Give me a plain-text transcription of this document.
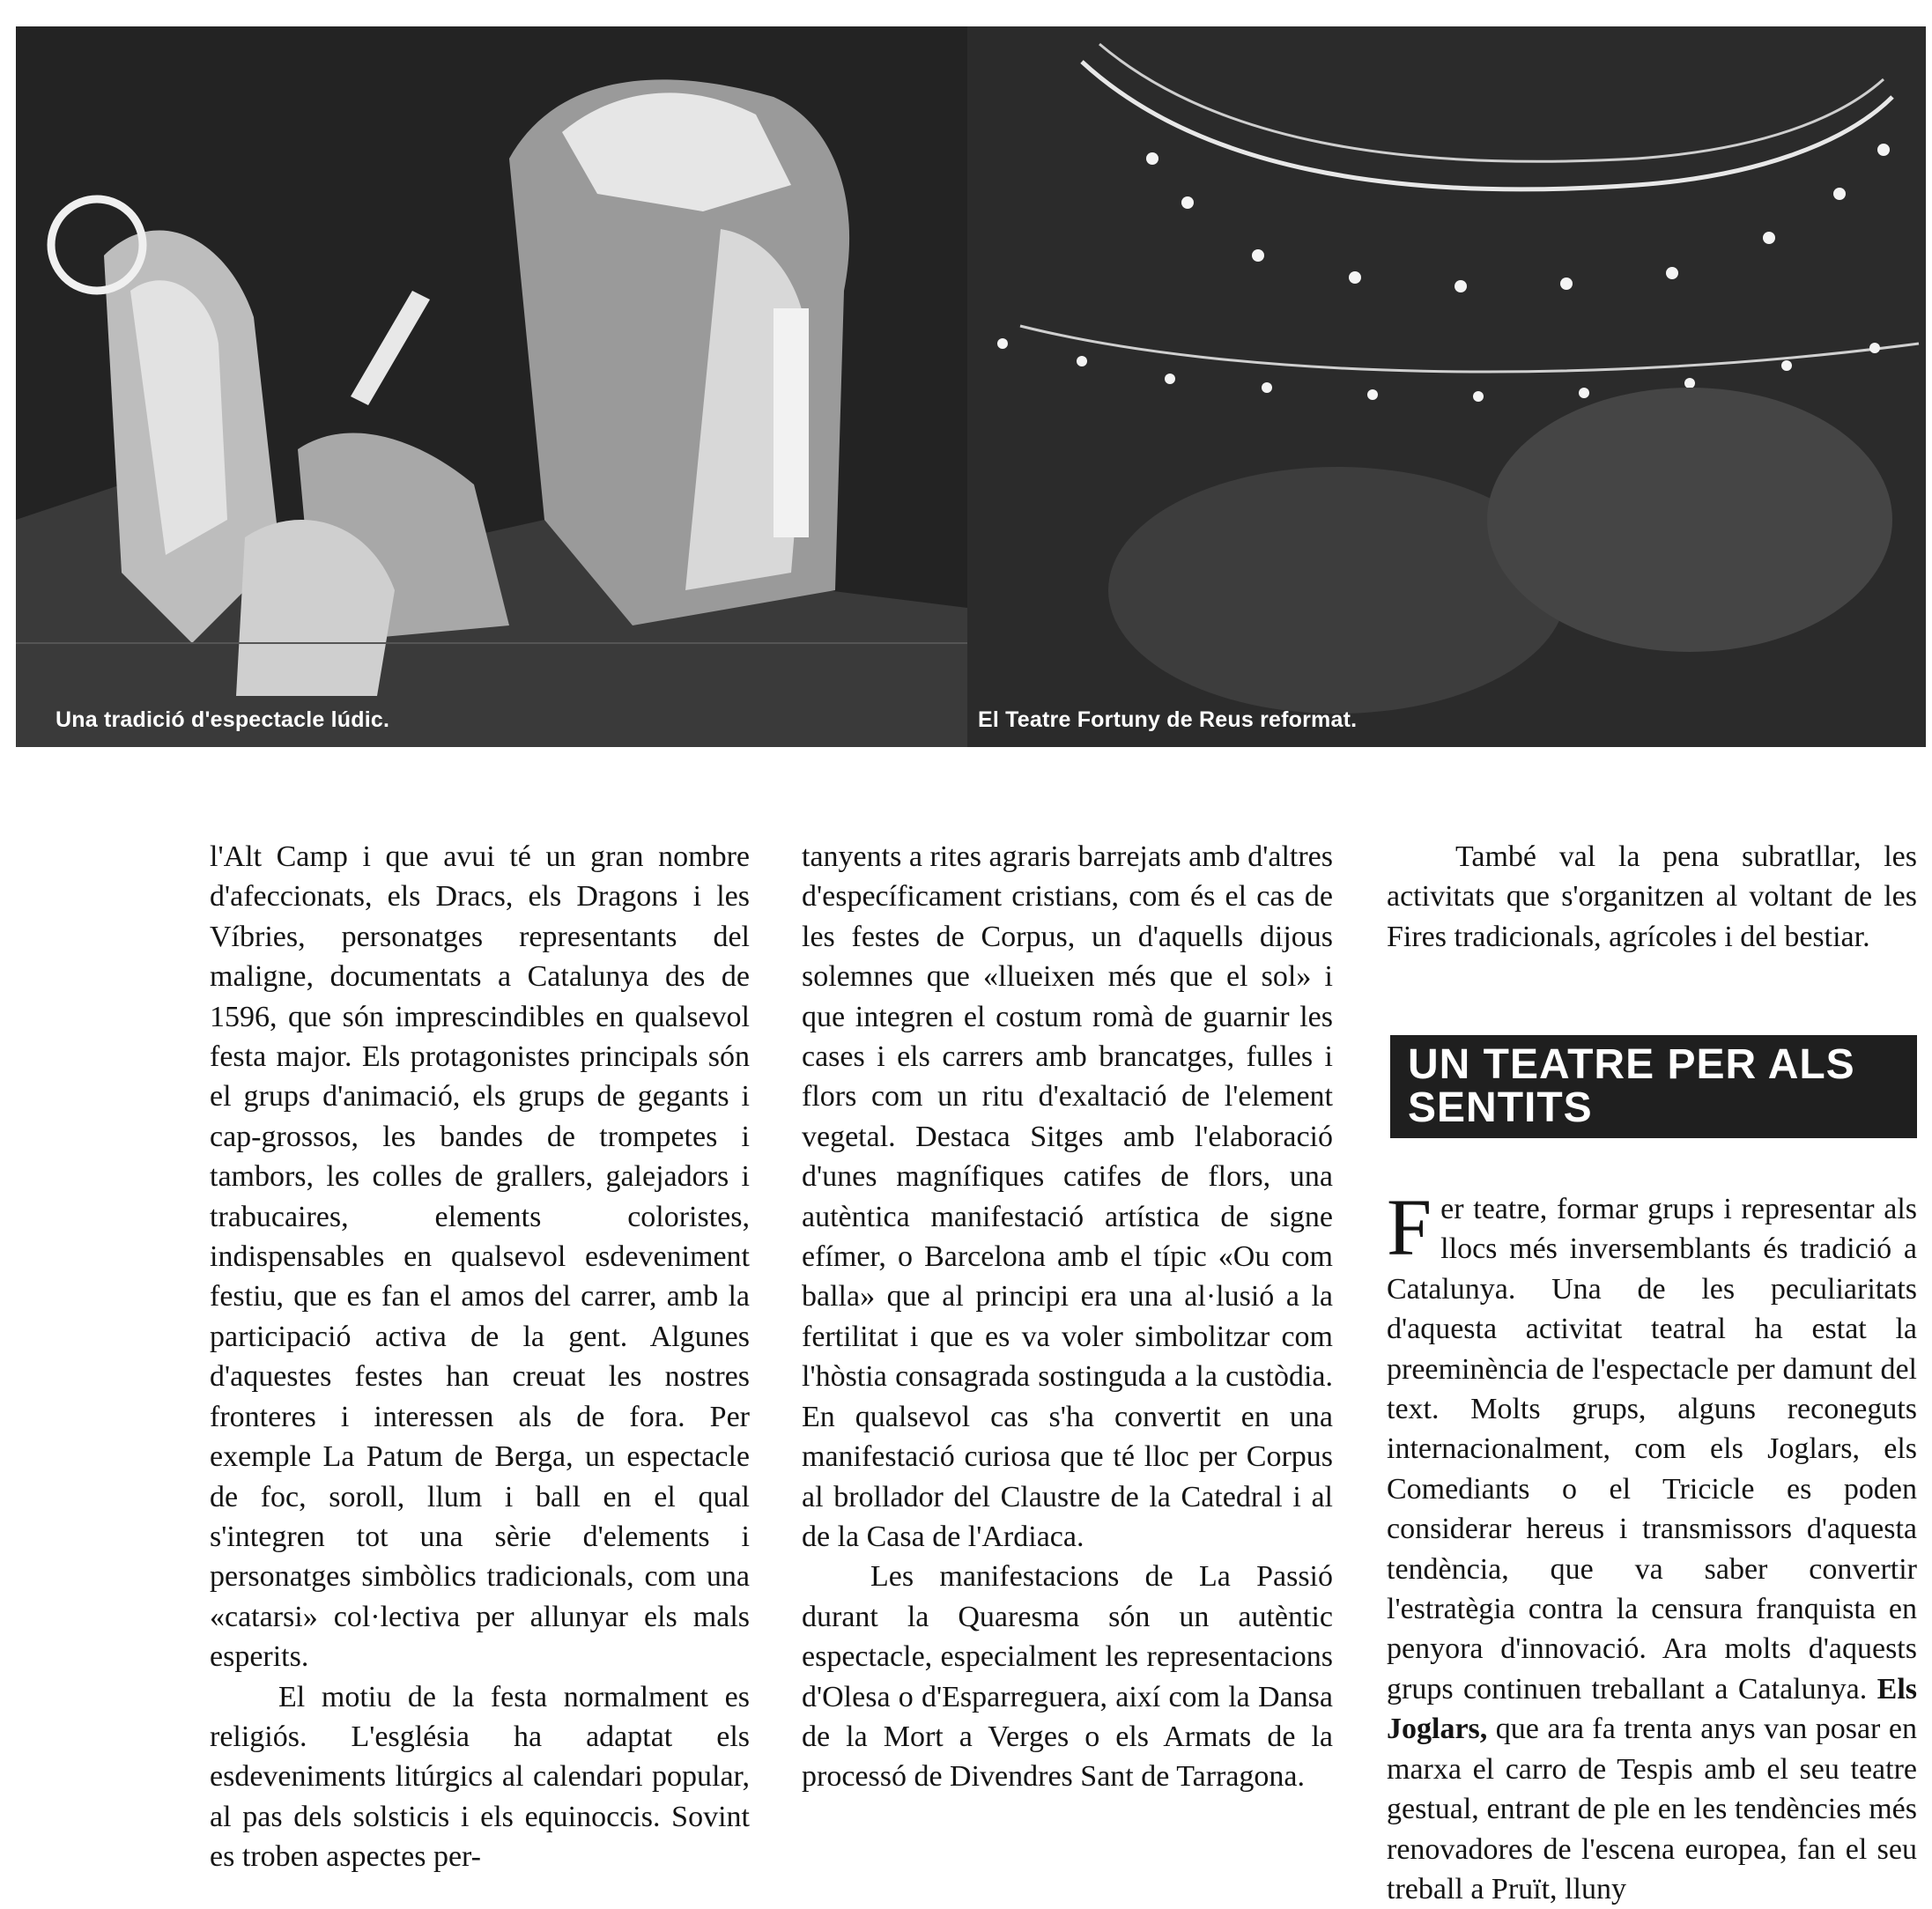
Una tradició d'espectacle lúdic.	El Teatre Fortuny de Reus reformat.

l'Alt Camp i que avui té un gran nombre d'afeccionats, els Dracs, els Dragons i les Víbries, personatges representants del maligne, documentats a Catalunya des de 1596, que són imprescindibles en qualsevol festa major. Els protagonistes principals són el grups d'animació, els grups de gegants i cap-grossos, les bandes de trompetes i tambors, les colles de grallers, galejadors i trabucaires, elements coloristes, indispensables en qualsevol esdeveniment festiu, que es fan el amos del carrer, amb la participació activa de la gent. Algunes d'aquestes festes han creuat les nostres fronteres i interessen als de fora. Per exemple La Patum de Berga, un espectacle de foc, soroll, llum i ball en el qual s'integren tot una sèrie d'elements i personatges simbòlics tradicionals, com una «catarsi» col·lectiva per allunyar els mals esperits.

El motiu de la festa normalment es religiós. L'església ha adaptat els esdeveniments litúrgics al calendari popular, al pas dels solsticis i els equinoccis. Sovint es troben aspectes per-

tanyents a rites agraris barrejats amb d'altres d'específicament cristians, com és el cas de les festes de Corpus, un d'aquells dijous solemnes que «llueixen més que el sol» i que integren el costum romà de guarnir les cases i els carrers amb brancatges, fulles i flors com un ritu d'exaltació de l'element vegetal. Destaca Sitges amb l'elaboració d'unes magnífiques catifes de flors, una autèntica manifestació artística de signe efímer, o Barcelona amb el típic «Ou com balla» que al principi era una al·lusió a la fertilitat i que es va voler simbolitzar com l'hòstia consagrada sostinguda a la custòdia. En qualsevol cas s'ha convertit en una manifestació curiosa que té lloc per Corpus al brollador del Claustre de la Catedral i al de la Casa de l'Ardiaca.

Les manifestacions de La Passió durant la Quaresma són un autèntic espectacle, especialment les representacions d'Olesa o d'Esparreguera, així com la Dansa de la Mort a Verges o els Armats de la processó de Divendres Sant de Tarragona.

També val la pena subratllar, les activitats que s'organitzen al voltant de les Fires tradicionals, agrícoles i del bestiar.

UN TEATRE PER ALS SENTITS

Fer teatre, formar grups i representar als llocs més inversemblants és tradició a Catalunya. Una de les peculiaritats d'aquesta activitat teatral ha estat la preeminència de l'espectacle per damunt del text. Molts grups, alguns reconeguts internacionalment, com els Joglars, els Comediants o el Tricicle es poden considerar hereus i transmissors d'aquesta tendència, que va saber convertir l'estratègia contra la censura franquista en penyora d'innovació. Ara molts d'aquests grups continuen treballant a Catalunya. Els Joglars, que ara fa trenta anys van posar en marxa el carro de Tespis amb el seu teatre gestual, entrant de ple en les tendències més renovadores de l'escena europea, fan el seu treball a Pruït, lluny
